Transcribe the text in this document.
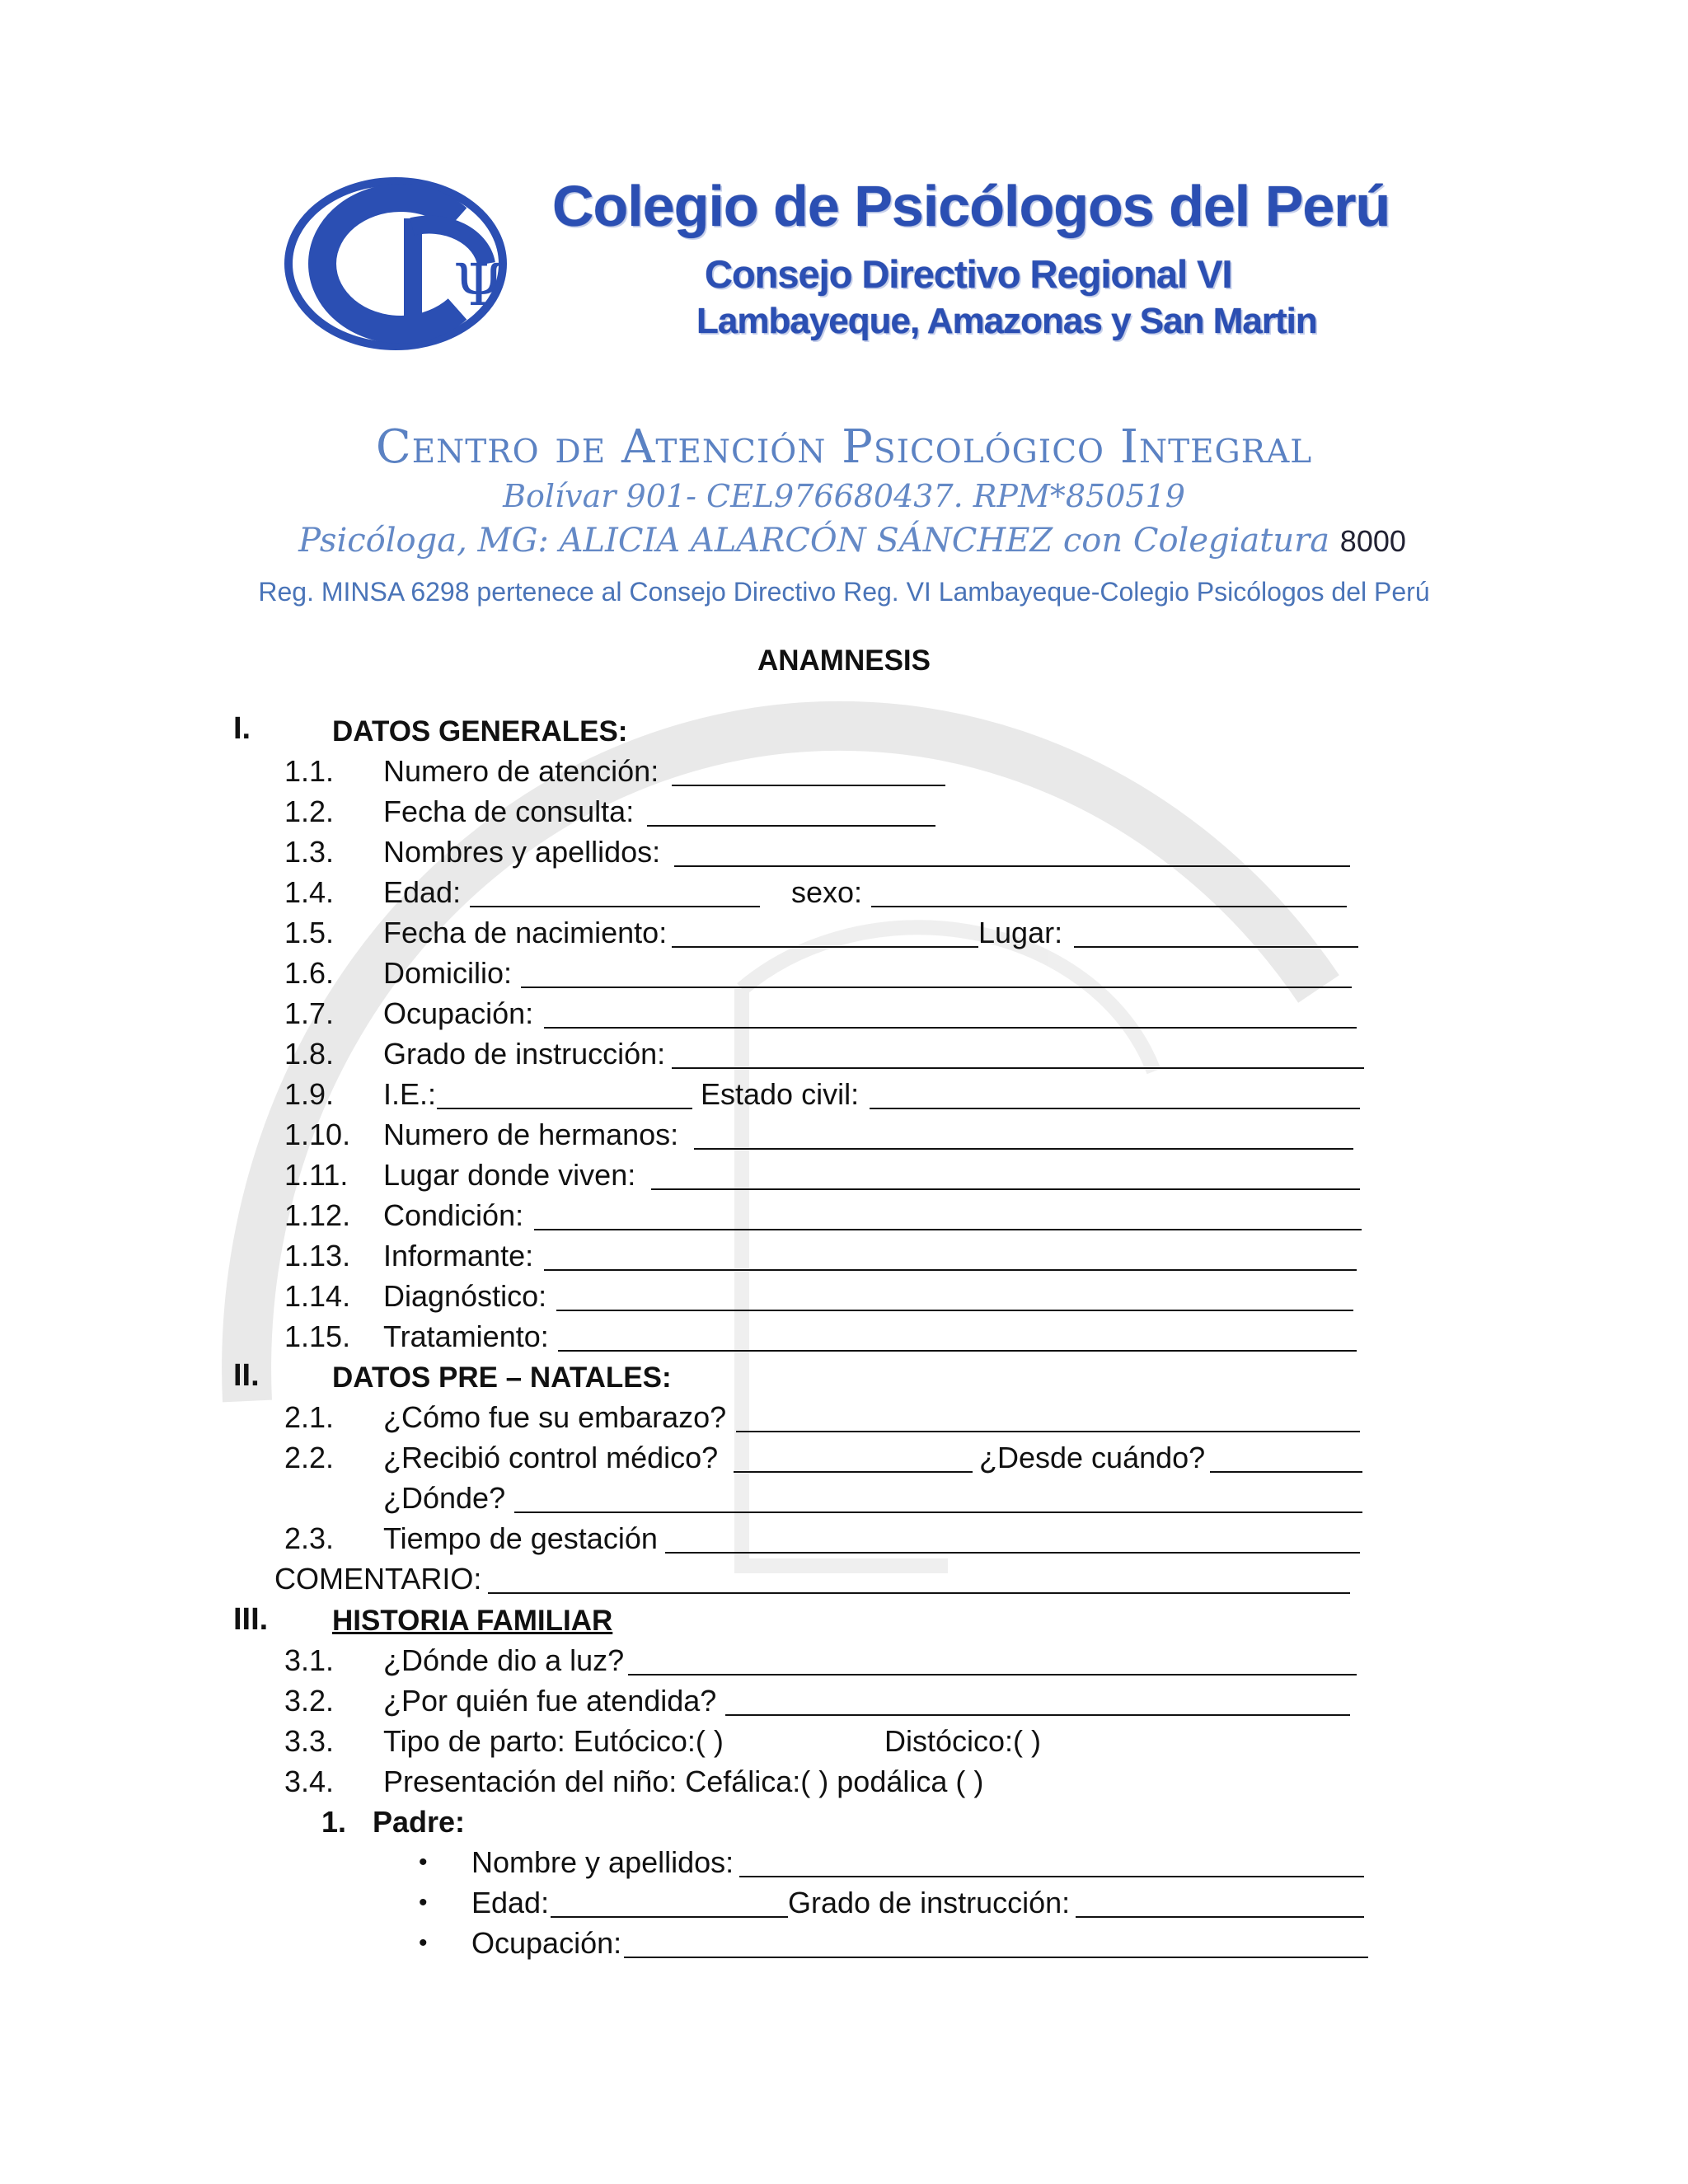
Ψ
Colegio de Psicólogos del Perú
Consejo Directivo Regional VI
Lambayeque, Amazonas y San Martin
Centro de Atención Psicológico Integral
Bolívar 901- CEL976680437. RPM*850519
Psicóloga, MG: ALICIA ALARCÓN SÁNCHEZ con Colegiatura 8000
Reg. MINSA 6298 pertenece al Consejo Directivo Reg. VI Lambayeque-Colegio Psicólogos del Perú
ANAMNESIS
I.	DATOS GENERALES:
1.1. Numero de atención:
1.2. Fecha de consulta:
1.3. Nombres y apellidos:
1.4. Edad:	sexo:
1.5. Fecha de nacimiento:	Lugar:
1.6. Domicilio:
1.7. Ocupación:
1.8. Grado de instrucción:
1.9. I.E.:	Estado civil:
1.10. Numero de hermanos:
1.11. Lugar donde viven:
1.12. Condición:
1.13. Informante:
1.14. Diagnóstico:
1.15. Tratamiento:
II.	DATOS PRE – NATALES:
2.1. ¿Cómo fue su embarazo?
2.2. ¿Recibió control médico?	¿Desde cuándo?
¿Dónde?
2.3. Tiempo de gestación
COMENTARIO:
III. HISTORIA FAMILIAR
3.1. ¿Dónde dio a luz?
3.2. ¿Por quién fue atendida?
3.3. Tipo de parto: Eutócico:( )	Distócico:( )
3.4. Presentación del niño: Cefálica:( ) podálica ( )
1. Padre:
• Nombre y apellidos:
• Edad:	Grado de instrucción:
• Ocupación:
